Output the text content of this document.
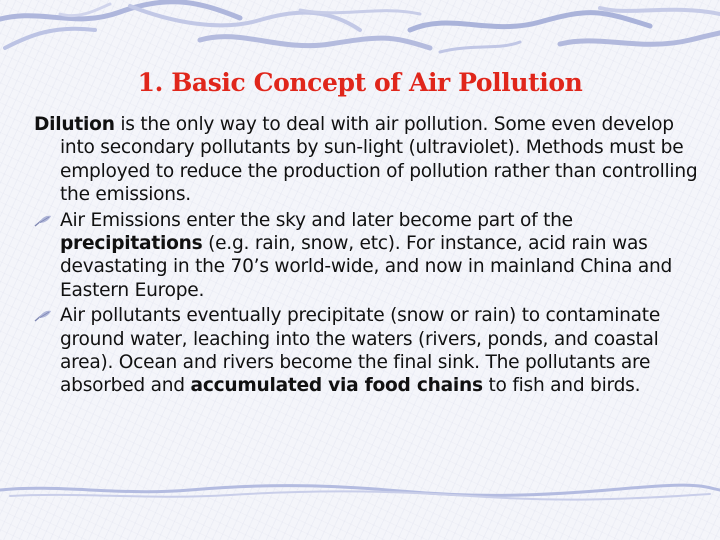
1. Basic Concept of Air Pollution

Dilution is the only way to deal with air pollution. Some even develop into secondary pollutants by sun-light (ultraviolet). Methods must be employed to reduce the production of pollution rather than controlling the emissions.

Air Emissions enter the sky and later become part of the precipitations (e.g. rain, snow, etc). For instance, acid rain was devastating in the 70’s world-wide, and now in mainland China and Eastern Europe.
Air pollutants eventually precipitate (snow or rain) to contaminate ground water, leaching into the waters (rivers, ponds, and coastal area). Ocean and rivers become the final sink. The pollutants are absorbed and accumulated via food chains to fish and birds.
